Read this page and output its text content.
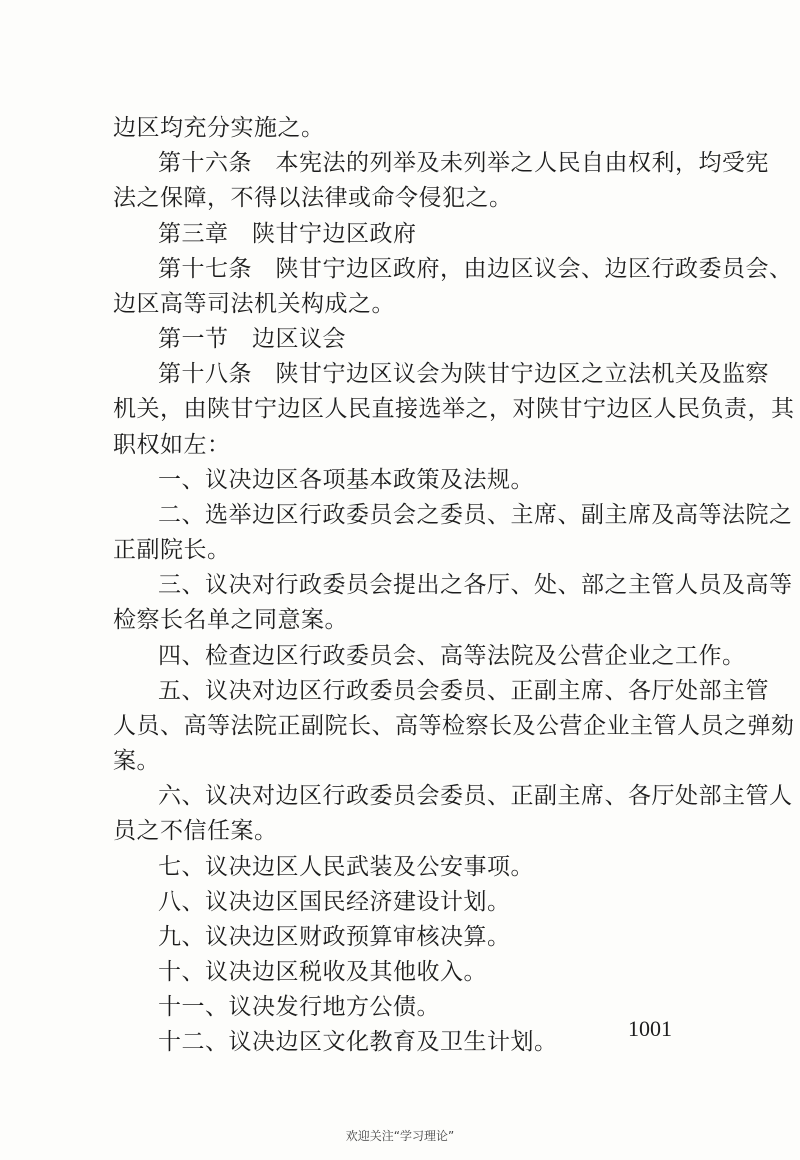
边区均充分实施之。
第十六条　本宪法的列举及未列举之人民自由权利，均受宪
法之保障，不得以法律或命令侵犯之。
第三章　陕甘宁边区政府
第十七条　陕甘宁边区政府，由边区议会、边区行政委员会、
边区高等司法机关构成之。
第一节　边区议会
第十八条　陕甘宁边区议会为陕甘宁边区之立法机关及监察
机关，由陕甘宁边区人民直接选举之，对陕甘宁边区人民负责，其
职权如左：
一、议决边区各项基本政策及法规。
二、选举边区行政委员会之委员、主席、副主席及高等法院之
正副院长。
三、议决对行政委员会提出之各厅、处、部之主管人员及高等
检察长名单之同意案。
四、检查边区行政委员会、高等法院及公营企业之工作。
五、议决对边区行政委员会委员、正副主席、各厅处部主管
人员、高等法院正副院长、高等检察长及公营企业主管人员之弹劾
案。
六、议决对边区行政委员会委员、正副主席、各厅处部主管人
员之不信任案。
七、议决边区人民武装及公安事项。
八、议决边区国民经济建设计划。
九、议决边区财政预算审核决算。
十、议决边区税收及其他收入。
十一、议决发行地方公债。
十二、议决边区文化教育及卫生计划。
1001
欢迎关注“学习理论”
